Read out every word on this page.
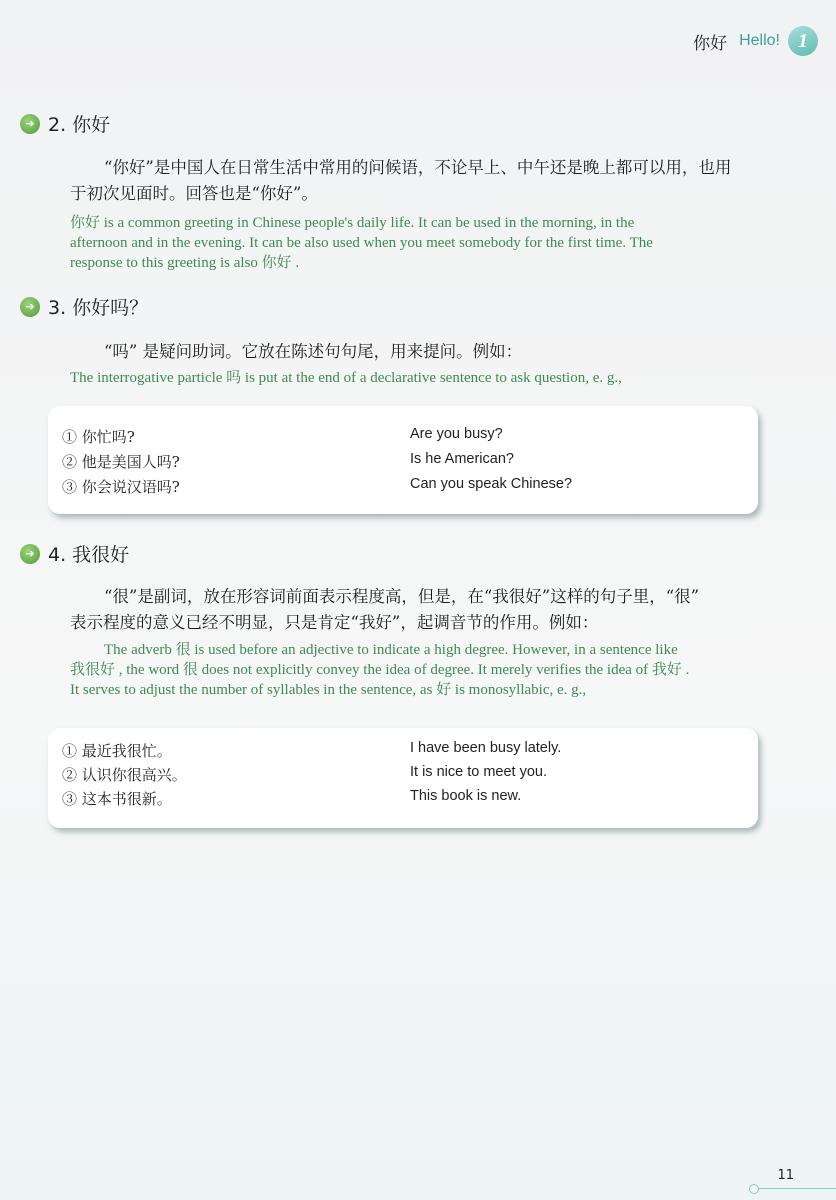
你好 Hello! 1
➔ 2. 你好
“你好”是中国人在日常生活中常用的问候语，不论早上、中午还是晚上都可以用，也用
于初次见面时。回答也是“你好”。
你好 is a common greeting in Chinese people's daily life. It can be used in the morning, in the
afternoon and in the evening. It can be also used when you meet somebody for the first time. The
response to this greeting is also 你好 .
➔ 3. 你好吗？
“吗” 是疑问助词。它放在陈述句句尾，用来提问。例如：
The interrogative particle 吗 is put at the end of a declarative sentence to ask question, e. g.,
① 你忙吗?	Are you busy?
② 他是美国人吗?	Is he American?
③ 你会说汉语吗?	Can you speak Chinese?
➔ 4. 我很好
“很”是副词，放在形容词前面表示程度高，但是，在“我很好”这样的句子里，“很”
表示程度的意义已经不明显，只是肯定“我好”，起调音节的作用。例如：
The adverb 很 is used before an adjective to indicate a high degree. However, in a sentence like
我很好 , the word 很 does not explicitly convey the idea of degree. It merely verifies the idea of 我好 .
It serves to adjust the number of syllables in the sentence, as 好 is monosyllabic, e. g.,
① 最近我很忙。	I have been busy lately.
② 认识你很高兴。	It is nice to meet you.
③ 这本书很新。	This book is new.
11
